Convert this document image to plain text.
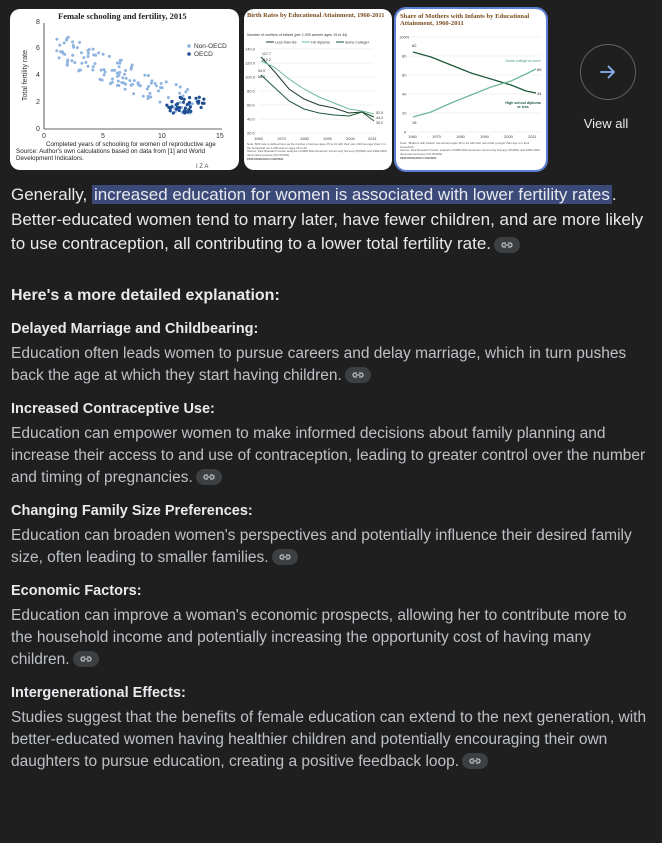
Female schooling and fertility, 2015
0
2
4
6
8
0	5	10	15
Total fertility rate
Completed years of schooling for women of reproductive age
Source: Author's own calculations based on data from [1] and World Development Indicators.
Non-OECD
OECD
I Z A
Birth Rates by Educational Attainment, 1960-2011
Number of mothers of infants (per 1,000 women ages 15 to 44)
Less than HS	HS diploma	Some College+
140.0
120.0
100.0
80.0
60.0
40.0
20.0
1960	1970	1980	1990	2000	2011
127.7
110.2
94.9
86.9
52.5
44.2
39.2
Note: Birth rate is defined here as the number of women ages 15 to 44 with their own child younger than 1 in the household per 1,000 women ages 15 to 44
Source: Pew Research Center analysis of 2008-2011 American Community Surveys (IPUMS) and 1960-2000 decennial censuses (1% IPUMS)
PEW RESEARCH CENTER
Share of Mothers with Infants by Educational Attainment, 1960-2011
100%
80
60
40
20
0
1960	1970	1980	1990	2000	2011
82
18
66
34
Some college or more
High school diploma or less
Note: "Mothers with infants" are women ages 15 to 44 with their own child younger than age 1 in their household.
Source: Pew Research Center analysis of 2008-2011 American Community Surveys (IPUMS) and 1960-2000 decennial censuses (1% IPUMS)
PEW RESEARCH CENTER
View all

Generally, increased education for women is associated with lower fertility rates . Better-educated women tend to marry later, have fewer children, and are more likely to use contraception, all contributing to a lower total fertility rate.

Here's a more detailed explanation:
Delayed Marriage and Childbearing:

Education often leads women to pursue careers and delay marriage, which in turn pushes back the age at which they start having children.

Increased Contraceptive Use:

Education can empower women to make informed decisions about family planning and increase their access to and use of contraception, leading to greater control over the number and timing of pregnancies.

Changing Family Size Preferences:

Education can broaden women's perspectives and potentially influence their desired family size, often leading to smaller families.

Economic Factors:

Education can improve a woman's economic prospects, allowing her to contribute more to the household income and potentially increasing the opportunity cost of having many children.

Intergenerational Effects:

Studies suggest that the benefits of female education can extend to the next generation, with better-educated women having healthier children and potentially encouraging their own daughters to pursue education, creating a positive feedback loop.
